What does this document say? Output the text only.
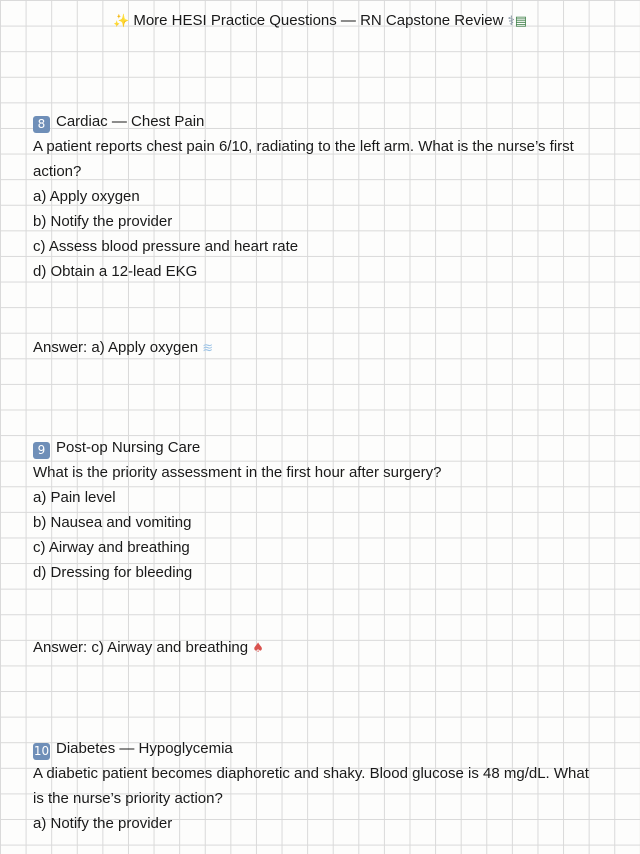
✨ More HESI Practice Questions — RN Capstone Review ⚕▤
8 Cardiac — Chest Pain
A patient reports chest pain 6/10, radiating to the left arm. What is the nurse’s first
action?
a) Apply oxygen
b) Notify the provider
c) Assess blood pressure and heart rate
d) Obtain a 12-lead EKG
Answer: a) Apply oxygen ≋
9 Post-op Nursing Care
What is the priority assessment in the first hour after surgery?
a) Pain level
b) Nausea and vomiting
c) Airway and breathing
d) Dressing for bleeding
Answer: c) Airway and breathing ♠
10 Diabetes — Hypoglycemia
A diabetic patient becomes diaphoretic and shaky. Blood glucose is 48 mg/dL. What
is the nurse’s priority action?
a) Notify the provider
